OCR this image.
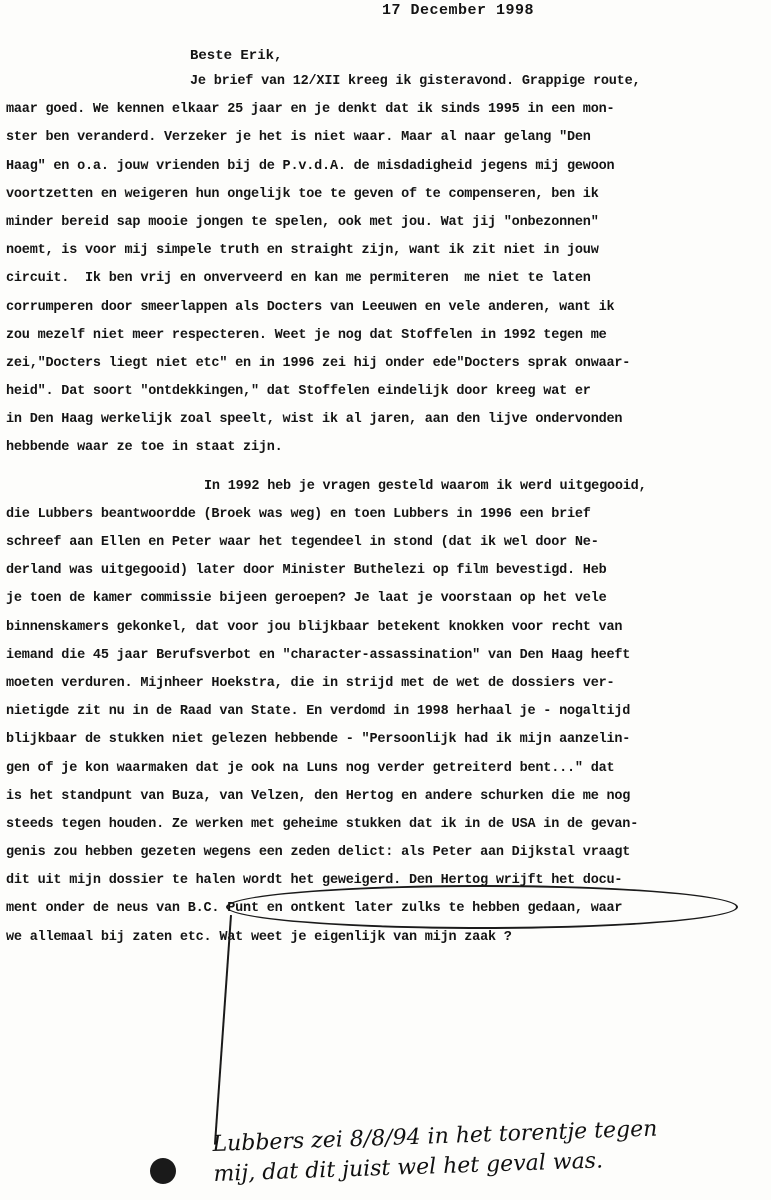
17 December 1998
Beste Erik,
Je brief van 12/XII kreeg ik gisteravond. Grappige route,
maar goed. We kennen elkaar 25 jaar en je denkt dat ik sinds 1995 in een mon-
ster ben veranderd. Verzeker je het is niet waar. Maar al naar gelang "Den
Haag" en o.a. jouw vrienden bij de P.v.d.A. de misdadigheid jegens mij gewoon
voortzetten en weigeren hun ongelijk toe te geven of te compenseren, ben ik
minder bereid sap mooie jongen te spelen, ook met jou. Wat jij "onbezonnen"
noemt, is voor mij simpele truth en straight zijn, want ik zit niet in jouw
circuit.  Ik ben vrij en onverveerd en kan me permiteren  me niet te laten
corrumperen door smeerlappen als Docters van Leeuwen en vele anderen, want ik
zou mezelf niet meer respecteren. Weet je nog dat Stoffelen in 1992 tegen me
zei,"Docters liegt niet etc" en in 1996 zei hij onder ede"Docters sprak onwaar-
heid". Dat soort "ontdekkingen," dat Stoffelen eindelijk door kreeg wat er
in Den Haag werkelijk zoal speelt, wist ik al jaren, aan den lijve ondervonden
hebbende waar ze toe in staat zijn.
In 1992 heb je vragen gesteld waarom ik werd uitgegooid,
die Lubbers beantwoordde (Broek was weg) en toen Lubbers in 1996 een brief
schreef aan Ellen en Peter waar het tegendeel in stond (dat ik wel door Ne-
derland was uitgegooid) later door Minister Buthelezi op film bevestigd. Heb
je toen de kamer commissie bijeen geroepen? Je laat je voorstaan op het vele
binnenskamers gekonkel, dat voor jou blijkbaar betekent knokken voor recht van
iemand die 45 jaar Berufsverbot en "character-assassination" van Den Haag heeft
moeten verduren. Mijnheer Hoekstra, die in strijd met de wet de dossiers ver-
nietigde zit nu in de Raad van State. En verdomd in 1998 herhaal je - nogaltijd
blijkbaar de stukken niet gelezen hebbende - "Persoonlijk had ik mijn aanzelin-
gen of je kon waarmaken dat je ook na Luns nog verder getreiterd bent..." dat
is het standpunt van Buza, van Velzen, den Hertog en andere schurken die me nog
steeds tegen houden. Ze werken met geheime stukken dat ik in de USA in de gevan-
genis zou hebben gezeten wegens een zeden delict: als Peter aan Dijkstal vraagt
dit uit mijn dossier te halen wordt het geweigerd. Den Hertog wrijft het docu-
ment onder de neus van B.C. Punt en ontkent later zulks te hebben gedaan, waar
we allemaal bij zaten etc. Wat weet je eigenlijk van mijn zaak ?
Lubbers zei 8/8/94 in het torentje tegen
mij, dat dit juist wel het geval was.
